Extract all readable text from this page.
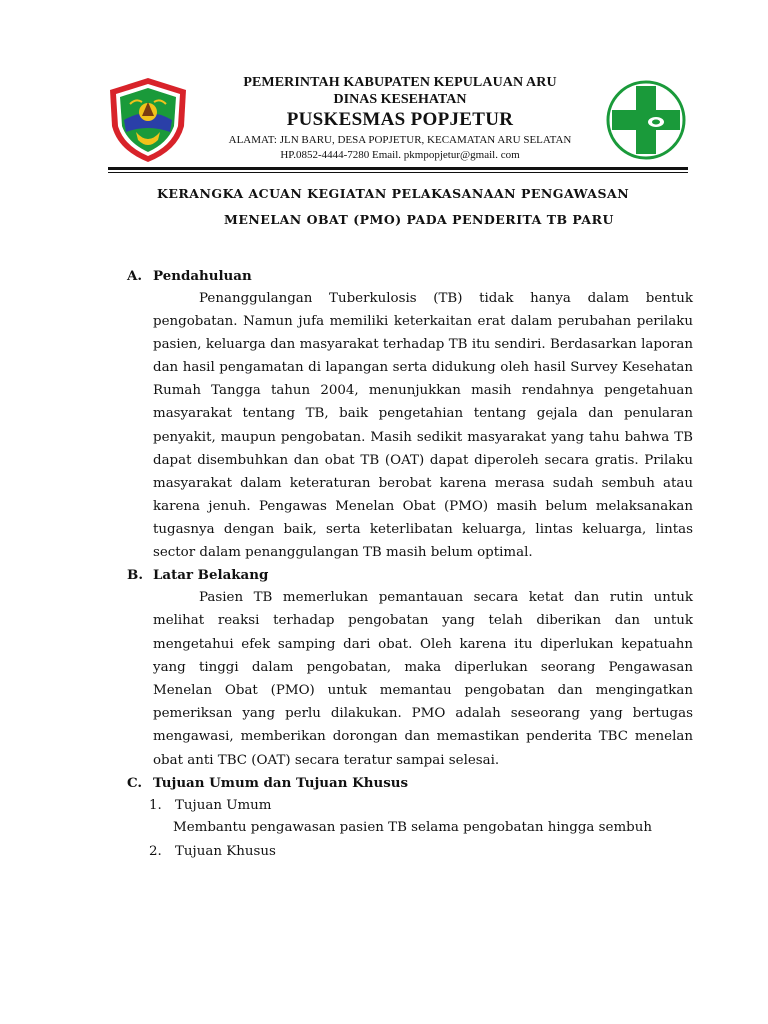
PEMERINTAH KABUPATEN KEPULAUAN ARU
DINAS KESEHATAN
PUSKESMAS POPJETUR
ALAMAT: JLN BARU, DESA POPJETUR, KECAMATAN ARU SELATAN
HP.0852-4444-7280 Email. pkmpopjetur@gmail. com
KERANGKA ACUAN KEGIATAN PELAKASANAAN PENGAWASAN
MENELAN OBAT (PMO) PADA PENDERITA TB PARU
A. Pendahuluan
Penanggulangan Tuberkulosis (TB) tidak hanya dalam bentuk pengobatan. Namun jufa memiliki keterkaitan erat dalam perubahan perilaku pasien, keluarga dan masyarakat terhadap TB itu sendiri. Berdasarkan laporan dan hasil pengamatan di lapangan serta didukung oleh hasil Survey Kesehatan Rumah Tangga tahun 2004, menunjukkan masih rendahnya pengetahuan masyarakat tentang TB, baik pengetahian tentang gejala dan penularan penyakit, maupun pengobatan. Masih sedikit masyarakat yang tahu bahwa TB dapat disembuhkan dan obat TB (OAT) dapat diperoleh secara gratis. Prilaku masyarakat dalam keteraturan berobat karena merasa sudah sembuh atau karena jenuh. Pengawas Menelan Obat (PMO) masih belum melaksanakan tugasnya dengan baik, serta keterlibatan keluarga, lintas keluarga, lintas sector dalam penanggulangan TB masih belum optimal.
B. Latar Belakang
Pasien TB memerlukan pemantauan secara ketat dan rutin untuk melihat reaksi terhadap pengobatan yang telah diberikan dan untuk mengetahui efek samping dari obat. Oleh karena itu diperlukan kepatuahn yang tinggi dalam pengobatan, maka diperlukan seorang Pengawasan Menelan Obat (PMO) untuk memantau pengobatan dan mengingatkan pemeriksan yang perlu dilakukan. PMO adalah seseorang yang bertugas mengawasi, memberikan dorongan dan memastikan penderita TBC menelan obat anti TBC (OAT) secara teratur sampai selesai.
C. Tujuan Umum dan Tujuan Khusus
1. Tujuan Umum
Membantu pengawasan pasien TB selama pengobatan hingga sembuh
2. Tujuan Khusus
